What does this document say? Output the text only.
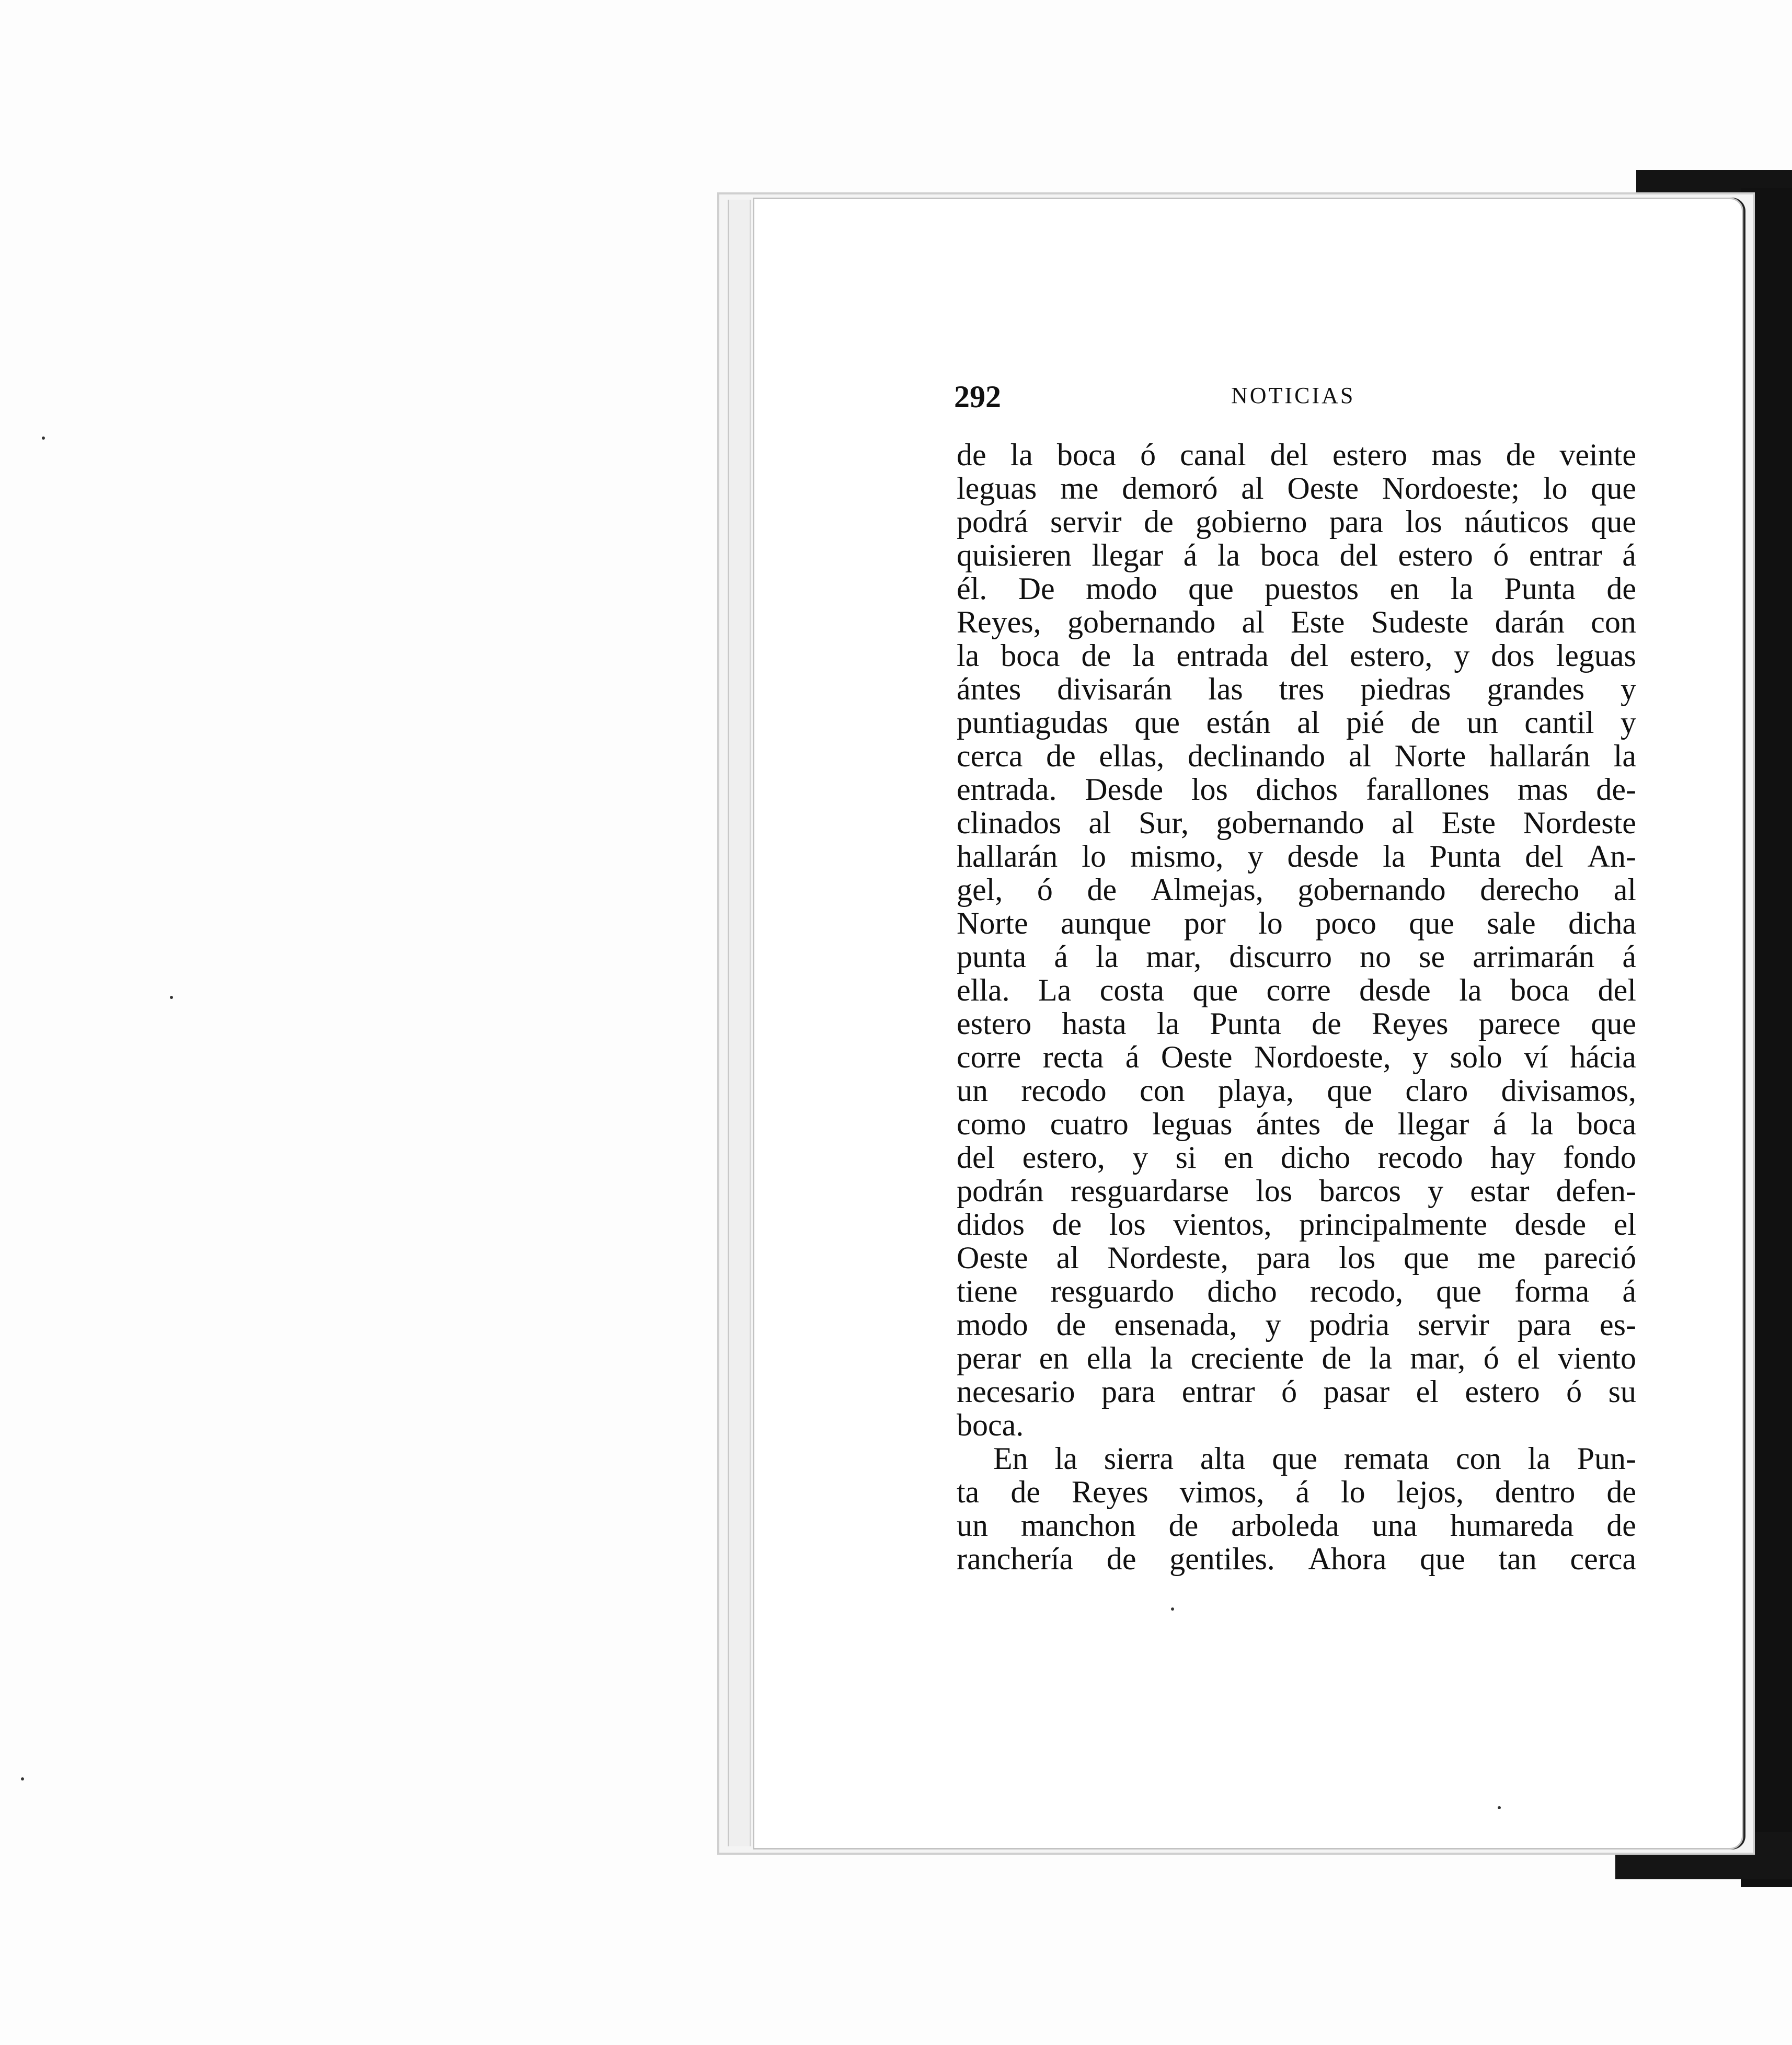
292	NOTICIAS
de la boca ó canal del estero mas de veinte
leguas me demoró al Oeste Nordoeste; lo que
podrá servir de gobierno para los náuticos que
quisieren llegar á la boca del estero ó entrar á
él. De modo que puestos en la Punta de
Reyes, gobernando al Este Sudeste darán con
la boca de la entrada del estero, y dos leguas
ántes divisarán las tres piedras grandes y
puntiagudas que están al pié de un cantil y
cerca de ellas, declinando al Norte hallarán la
entrada. Desde los dichos farallones mas de-
clinados al Sur, gobernando al Este Nordeste
hallarán lo mismo, y desde la Punta del An-
gel, ó de Almejas, gobernando derecho al
Norte aunque por lo poco que sale dicha
punta á la mar, discurro no se arrimarán á
ella. La costa que corre desde la boca del
estero hasta la Punta de Reyes parece que
corre recta á Oeste Nordoeste, y solo ví hácia
un recodo con playa, que claro divisamos,
como cuatro leguas ántes de llegar á la boca
del estero, y si en dicho recodo hay fondo
podrán resguardarse los barcos y estar defen-
didos de los vientos, principalmente desde el
Oeste al Nordeste, para los que me pareció
tiene resguardo dicho recodo, que forma á
modo de ensenada, y podria servir para es-
perar en ella la creciente de la mar, ó el viento
necesario para entrar ó pasar el estero ó su
boca.
En la sierra alta que remata con la Pun-
ta de Reyes vimos, á lo lejos, dentro de
un manchon de arboleda una humareda de
ranchería de gentiles. Ahora que tan cerca
